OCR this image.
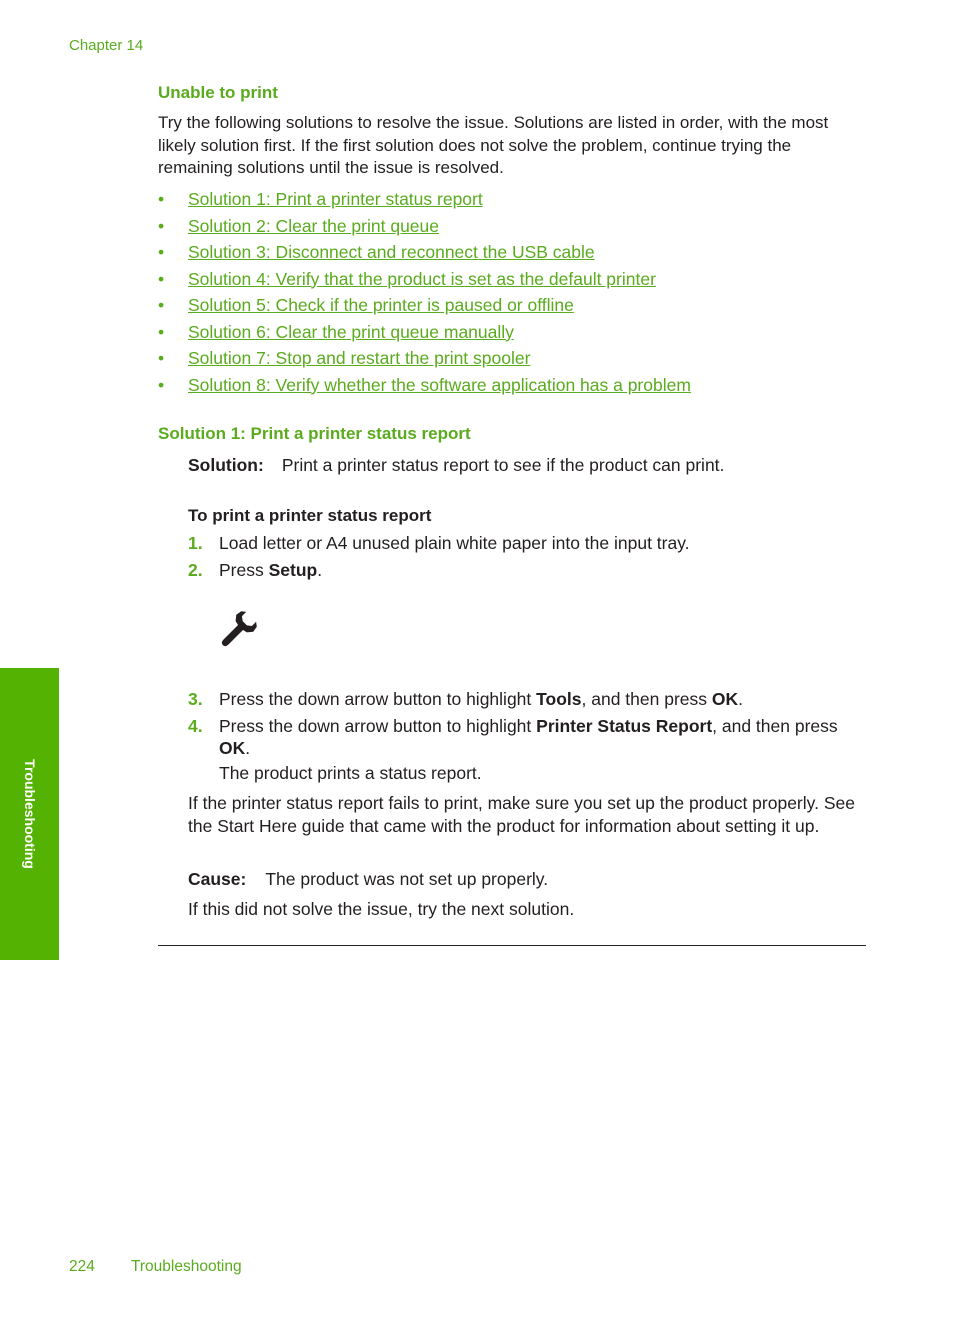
Chapter 14
Unable to print
Try the following solutions to resolve the issue. Solutions are listed in order, with the most likely solution first. If the first solution does not solve the problem, continue trying the remaining solutions until the issue is resolved.
• Solution 1: Print a printer status report
• Solution 2: Clear the print queue
• Solution 3: Disconnect and reconnect the USB cable
• Solution 4: Verify that the product is set as the default printer
• Solution 5: Check if the printer is paused or offline
• Solution 6: Clear the print queue manually
• Solution 7: Stop and restart the print spooler
• Solution 8: Verify whether the software application has a problem
Solution 1: Print a printer status report
Solution: Print a printer status report to see if the product can print.
To print a printer status report
1. Load letter or A4 unused plain white paper into the input tray.
2. Press Setup.
3. Press the down arrow button to highlight Tools, and then press OK.
4. Press the down arrow button to highlight Printer Status Report, and then press OK.
The product prints a status report.
If the printer status report fails to print, make sure you set up the product properly. See the Start Here guide that came with the product for information about setting it up.
Cause: The product was not set up properly.
If this did not solve the issue, try the next solution.
Troubleshooting
224 Troubleshooting
